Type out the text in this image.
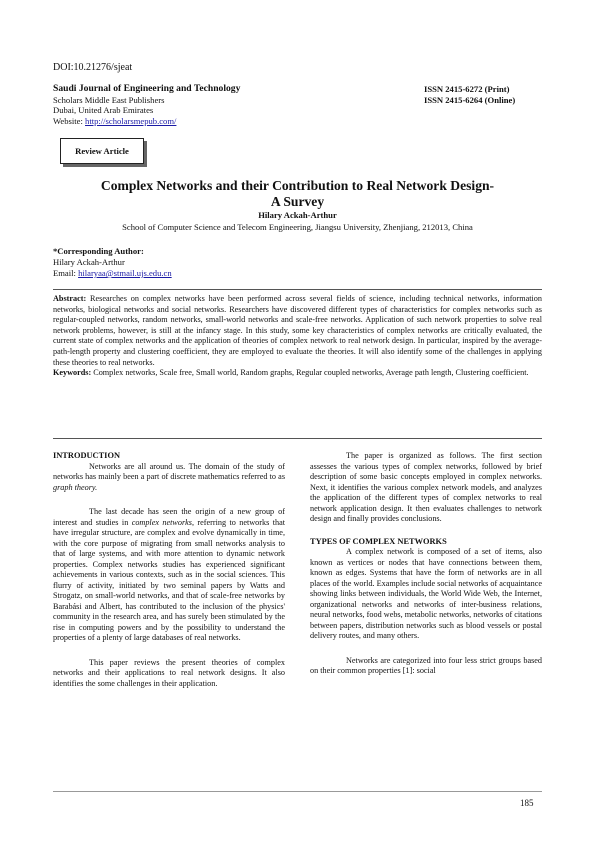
DOI:10.21276/sjeat
Saudi Journal of Engineering and Technology	ISSN 2415-6272 (Print)
Scholars Middle East Publishers	ISSN 2415-6264 (Online)
Dubai, United Arab Emirates
Website: http://scholarsmepub.com/
Review Article
Complex Networks and their Contribution to Real Network Design-
A Survey
Hilary Ackah-Arthur
School of Computer Science and Telecom Engineering, Jiangsu University, Zhenjiang, 212013, China
*Corresponding Author:
Hilary Ackah-Arthur
Email: hilaryaa@stmail.ujs.edu.cn
Abstract: Researches on complex networks have been performed across several fields of science, including technical networks, information networks, biological networks and social networks. Researchers have discovered different types of characteristics for complex networks such as regular-coupled networks, random networks, small-world networks and scale-free networks. Application of such network properties to solve real network problems, however, is still at the infancy stage. In this study, some key characteristics of complex networks are critically evaluated, the current state of complex networks and the application of theories of complex network to real network design. In particular, inspired by the average-path-length property and clustering coefficient, they are employed to evaluate the theories. It will also identify some of the challenges in applying these theories to real networks.
Keywords: Complex networks, Scale free, Small world, Random graphs, Regular coupled networks, Average path length, Clustering coefficient.
INTRODUCTION

Networks are all around us. The domain of the study of networks has mainly been a part of discrete mathematics referred to as graph theory.

The last decade has seen the origin of a new group of interest and studies in complex networks, referring to networks that have irregular structure, are complex and evolve dynamically in time, with the core purpose of migrating from small networks analysis to that of large systems, and with more attention to dynamic network properties. Complex networks studies has experienced significant achievements in various contexts, such as in the social sciences. This flurry of activity, initiated by two seminal papers by Watts and Strogatz, on small-world networks, and that of scale-free networks by Barabási and Albert, has contributed to the inclusion of the physics' community in the research area, and has surely been stimulated by the rise in computing powers and by the possibility to understand the properties of a plenty of large databases of real networks.

This paper reviews the present theories of complex networks and their applications to real network designs. It also identifies the some challenges in their application.

The paper is organized as follows. The first section assesses the various types of complex networks, followed by brief description of some basic concepts employed in complex networks. Next, it identifies the various complex network models, and analyzes the application of the different types of complex networks to real network application design. It then evaluates challenges to network design and finally provides conclusions.

TYPES OF COMPLEX NETWORKS

A complex network is composed of a set of items, also known as vertices or nodes that have connections between them, known as edges. Systems that have the form of networks are in all places of the world. Examples include social networks of acquaintance showing links between individuals, the World Wide Web, the Internet, organizational networks and networks of inter-business relations, neural networks, food webs, metabolic networks, networks of citations between papers, distribution networks such as blood vessels or postal delivery routes, and many others.

Networks are categorized into four less strict groups based on their common properties [1]: social

185
